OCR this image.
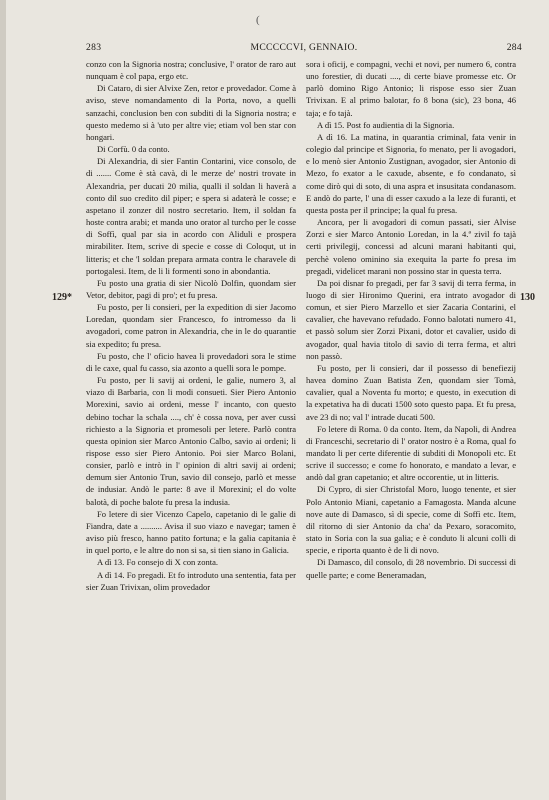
(
283	MCCCCCVI, GENNAIO.	284
129*	130

conzo con la Signoria nostra; conclusive, l' orator de raro aut nunquam è col papa, ergo etc.

Di Cataro, di sier Alvixe Zen, retor e provedador. Come à aviso, steve nomandamento di la Porta, novo, a quelli sanzachi, conclusion ben con subditi di la Signoria nostra; e questo medemo si à 'uto per altre vie; etiam vol ben star con hongari.

Di Corfù. 0 da conto.

Di Alexandria, di sier Fantin Contarini, vice consolo, de di ....... Come è stà cavà, di le merze de' nostri trovate in Alexandria, per ducati 20 milia, qualli il soldan li haverà a conto dil suo credito dil piper; e spera si adaterà le cosse; e aspetano il zonzer dil nostro secretario. Item, il soldan fa hoste contra arabi; et manda uno orator al turcho per le cosse di Soffì, qual par sia in acordo con Aliduli e prospera mirabiliter. Item, scrive di specie e cosse di Coloqut, ut in litteris; et che 'l soldan prepara armata contra le charavele di portogalesi. Item, de li li formenti sono in abondantia.

Fu posto una gratia di sier Nicolò Dolfin, quondam sier Vetor, debitor, pagi di pro'; et fu presa.

Fu posto, per li consieri, per la expedition di sier Jacomo Loredan, quondam sier Francesco, fo intromesso da li avogadori, come patron in Alexandria, che in le do quarantie sia expedito; fu presa.

Fu posto, che l' oficio havea li provedadori sora le stime di le caxe, qual fu casso, sia azonto a quelli sora le pompe.

Fu posto, per li savij ai ordeni, le galie, numero 3, al viazo di Barbaria, con li modi consueti. Sier Piero Antonio Morexini, savio ai ordeni, messe l' incanto, con questo debino tochar la schala ...., ch' è cossa nova, per aver cussì richiesto a la Signoria et promesoli per letere. Parlò contra questa opinion sier Marco Antonio Calbo, savio ai ordeni; li rispose esso sier Piero Antonio. Poi sier Marco Bolani, consier, parlò e intrò in l' opinion di altri savij ai ordeni; demum sier Antonio Trun, savio dil consejo, parlò et messe de indusiar. Andò le parte: 8 ave il Morexini; el do volte balotà, di poche balote fu presa la indusia.

Fo letere di sier Vicenzo Capelo, capetanio di le galie di Fiandra, date a .......... Avisa il suo viazo e navegar; tamen è aviso più fresco, hanno patito fortuna; e la galia capitania è in quel porto, e le altre do non si sa, si tien siano in Galicia.

A dì 13. Fo consejo di X con zonta.

A dì 14. Fo pregadi. Et fo introduto una sententia, fata per sier Zuan Trivixan, olim provedador

sora i oficij, e compagni, vechi et novi, per numero 6, contra uno forestier, di ducati ...., di certe biave promesse etc. Or parlò domino Rigo Antonio; li rispose esso sier Zuan Trivixan. E al primo balotar, fo 8 bona (sic), 23 bona, 46 taja; e fo tajà.

A dì 15. Post fo audientia di la Signoria.

A dì 16. La matina, in quarantia criminal, fata venir in colegio dal principe et Signoria, fo menato, per li avogadori, e lo menò sier Antonio Zustignan, avogador, sier Antonio di Mezo, fo exator a le caxude, absente, e fo condanato, sì come dirò qui di soto, di una aspra et insusitata condanasom. E andò do parte, l' una di esser caxudo a la leze di furanti, et questa posta per il principe; la qual fu presa.

Ancora, per li avogadori di comun passati, sier Alvise Zorzi e sier Marco Antonio Loredan, in la 4.ª zivil fo tajà certi privilegij, concessi ad alcuni marani habitanti qui, perchè voleno ominino sia exequita la parte fo presa im pregadi, videlicet marani non possino star in questa terra.

Da poi disnar fo pregadi, per far 3 savij di terra ferma, in luogo di sier Hironimo Querini, era intrato avogador di comun, et sier Piero Marzello et sier Zacaria Contarini, el cavalier, che havevano refudado. Fonno balotati numero 41, et passò solum sier Zorzi Pixani, dotor et cavalier, usido di avogador, qual havia titolo di savio di terra ferma, et altri non passò.

Fu posto, per li consieri, dar il possesso di benefiezij havea domino Zuan Batista Zen, quondam sier Tomà, cavalier, qual a Noventa fu morto; e questo, in execution di la expetativa ha di ducati 1500 soto questo papa. Et fu presa, ave 23 di no; val l' intrade ducati 500.

Fo letere di Roma. 0 da conto. Item, da Napoli, di Andrea di Franceschi, secretario di l' orator nostro è a Roma, qual fo mandato li per certe diferentie di subditi di Monopoli etc. Et scrive il successo; e come fo honorato, e mandato a levar, e andò dal gran capetanio; et altre occorentie, ut in litteris.

Di Cypro, di sier Christofal Moro, luogo tenente, et sier Polo Antonio Miani, capetanio a Famagosta. Manda alcune nove aute di Damasco, sì di specie, come di Soffì etc. Item, dil ritorno di sier Antonio da cha' da Pexaro, soracomito, stato in Soria con la sua galia; e è conduto li alcuni colli di specie, e riporta quanto è de li di novo.

Di Damasco, dil consolo, di 28 novembrio. Di successi di quelle parte; e come Beneramadan,
